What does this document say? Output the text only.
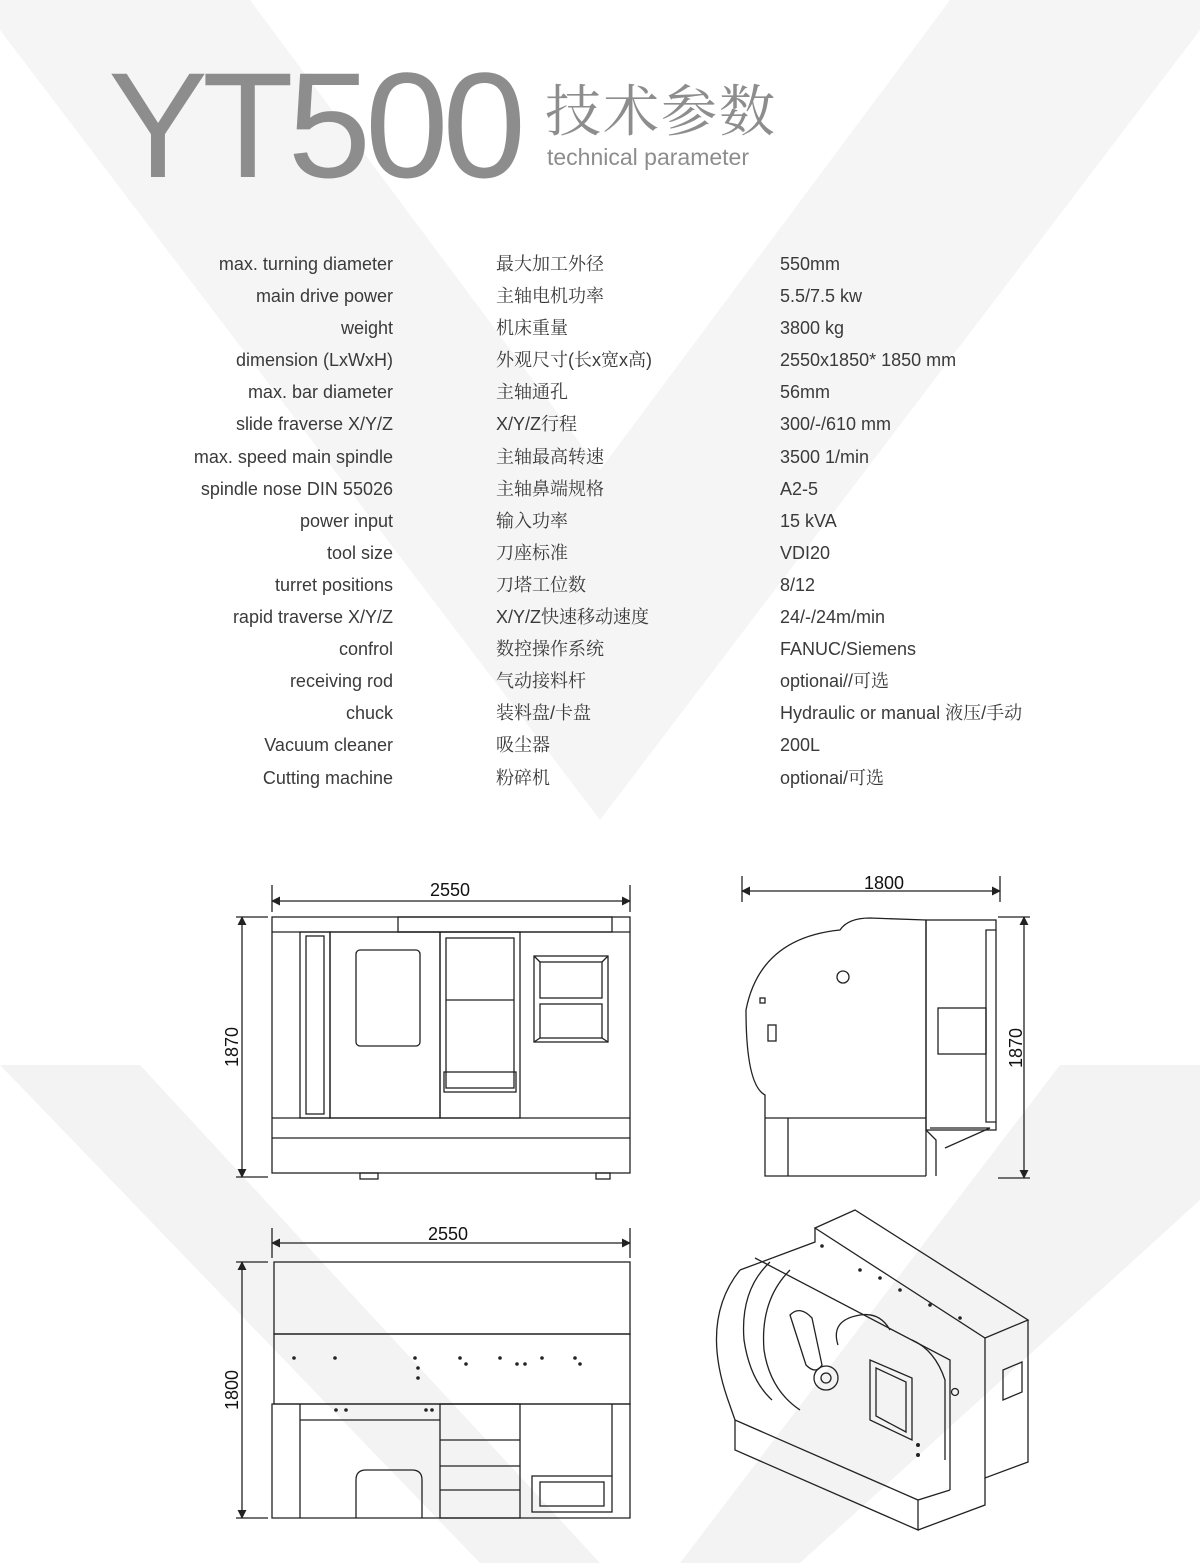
YT500 技术参数
technical parameter
max. turning diameter	最大加工外径	550mm
main drive power	主轴电机功率	5.5/7.5 kw
weight	机床重量	3800 kg
dimension (LxWxH)	外观尺寸(长x宽x高)	2550x1850* 1850 mm
max. bar diameter	主轴通孔	56mm
slide fraverse X/Y/Z	X/Y/Z行程	300/-/610 mm
max. speed main spindle	主轴最高转速	3500 1/min
spindle nose DIN 55026	主轴鼻端规格	A2-5
power input	输入功率	15 kVA
tool size	刀座标准	VDI20
turret positions	刀塔工位数	8/12
rapid traverse X/Y/Z	X/Y/Z快速移动速度	24/-/24m/min
confrol	数控操作系统	FANUC/Siemens
receiving rod	气动接料杆	optionai//可选
chuck	装料盘/卡盘	Hydraulic or manual 液压/手动
Vacuum cleaner	吸尘器	200L
Cutting machine	粉碎机	optionai/可选
2550
1870
1800
1870
2550
1800
